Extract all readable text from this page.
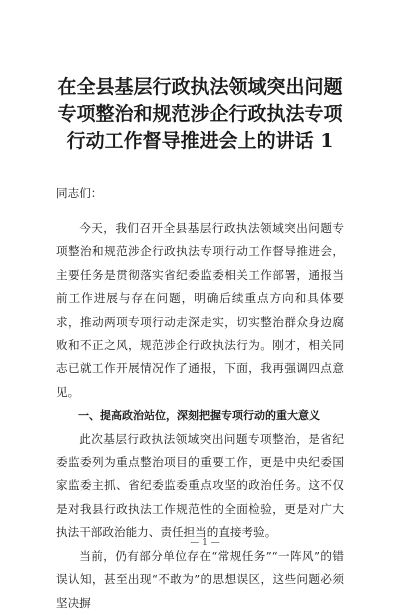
在全县基层行政执法领域突出问题专项整治和规范涉企行政执法专项行动工作督导推进会上的讲话 1

同志们：

今天，我们召开全县基层行政执法领域突出问题专项整治和规范涉企行政执法专项行动工作督导推进会，主要任务是贯彻落实省纪委监委相关工作部署，通报当前工作进展与存在问题，明确后续重点方向和具体要求，推动两项专项行动走深走实，切实整治群众身边腐败和不正之风，规范涉企行政执法行为。刚才，相关同志已就工作开展情况作了通报，下面，我再强调四点意见。

一、提高政治站位，深刻把握专项行动的重大意义

此次基层行政执法领域突出问题专项整治，是省纪委监委列为重点整治项目的重要工作，更是中央纪委国家监委主抓、省纪委监委重点攻坚的政治任务。这不仅是对我县行政执法工作规范性的全面检验，更是对广大执法干部政治能力、责任担当的直接考验。

当前，仍有部分单位存在“常规任务”“一阵风”的错误认知，甚至出现“不敢为”的思想误区，这些问题必须坚决摒

— 1 —
